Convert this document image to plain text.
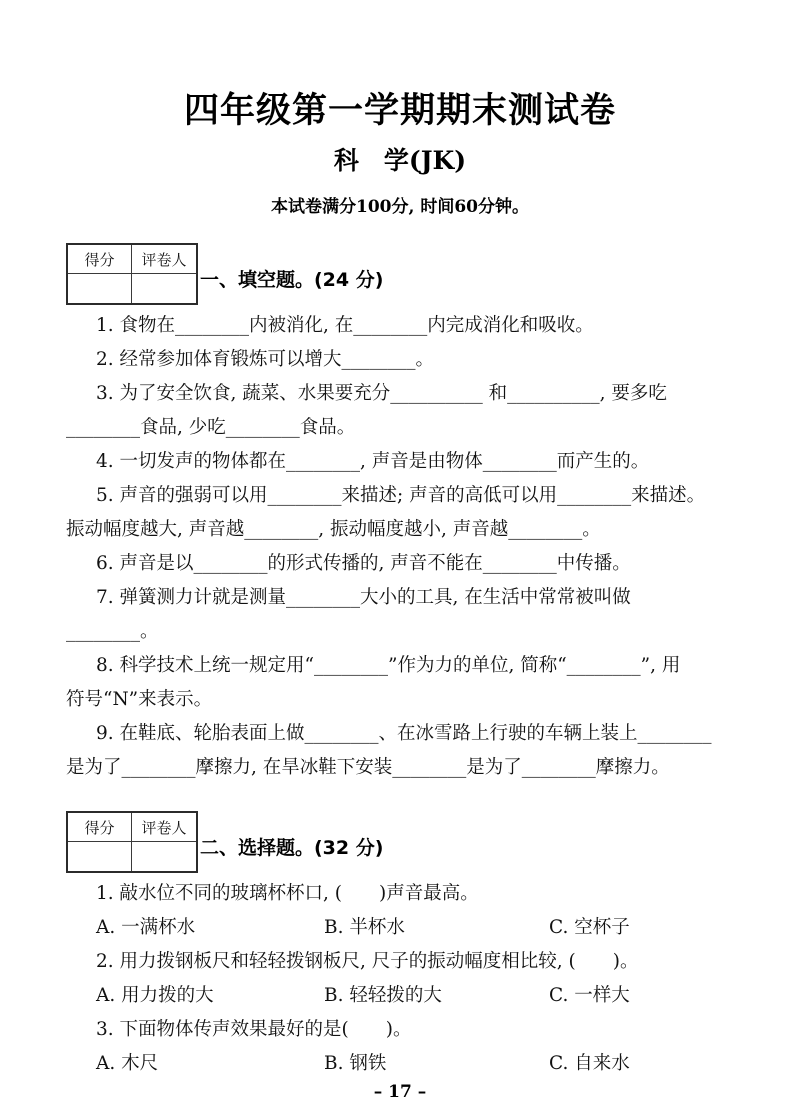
四年级第一学期期末测试卷
科　学(JK)
本试卷满分100分, 时间60分钟。
得分	评卷人
一、填空题。(24 分)
1. 食物在________内被消化, 在________内完成消化和吸收。
2. 经常参加体育锻炼可以增大________。
3. 为了安全饮食, 蔬菜、水果要充分__________ 和__________, 要多吃
________食品, 少吃________食品。
4. 一切发声的物体都在________, 声音是由物体________而产生的。
5. 声音的强弱可以用________来描述; 声音的高低可以用________来描述。
振动幅度越大, 声音越________, 振动幅度越小, 声音越________。
6. 声音是以________的形式传播的, 声音不能在________中传播。
7. 弹簧测力计就是测量________大小的工具, 在生活中常常被叫做
________。
8. 科学技术上统一规定用“________”作为力的单位, 简称“________”, 用
符号“N”来表示。
9. 在鞋底、轮胎表面上做________、在冰雪路上行驶的车辆上装上________
是为了________摩擦力, 在旱冰鞋下安装________是为了________摩擦力。
得分	评卷人
二、选择题。(32 分)
1. 敲水位不同的玻璃杯杯口, (　　)声音最高。
A. 一满杯水	B. 半杯水	C. 空杯子
2. 用力拨钢板尺和轻轻拨钢板尺, 尺子的振动幅度相比较, (　　)。
A. 用力拨的大	B. 轻轻拨的大	C. 一样大
3. 下面物体传声效果最好的是(　　)。
A. 木尺	B. 钢铁	C. 自来水
– 17 –
